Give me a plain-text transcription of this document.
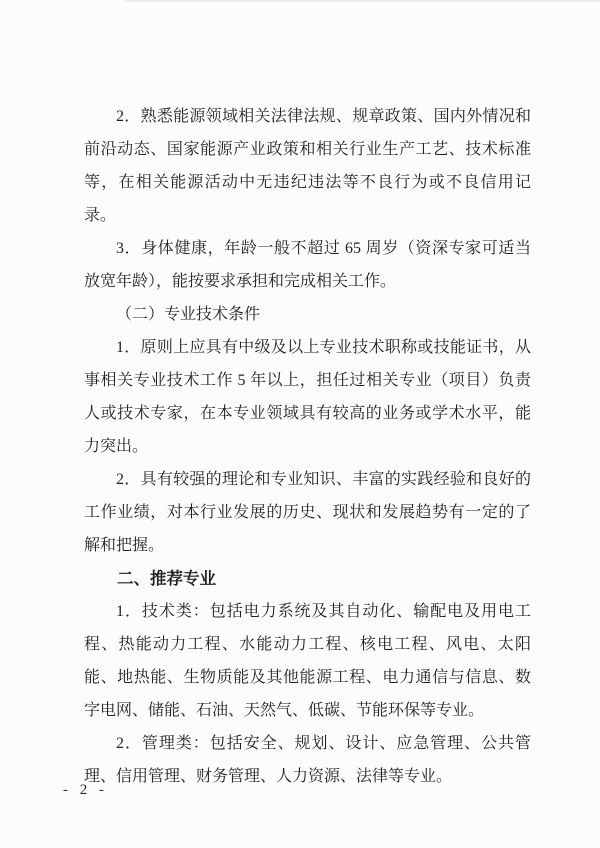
2．熟悉能源领域相关法律法规、规章政策、国内外情况和前沿动态、国家能源产业政策和相关行业生产工艺、技术标准等，在相关能源活动中无违纪违法等不良行为或不良信用记录。

3．身体健康，年龄一般不超过 65 周岁（资深专家可适当放宽年龄），能按要求承担和完成相关工作。

（二）专业技术条件

1．原则上应具有中级及以上专业技术职称或技能证书，从事相关专业技术工作 5 年以上，担任过相关专业（项目）负责人或技术专家，在本专业领域具有较高的业务或学术水平，能力突出。

2．具有较强的理论和专业知识、丰富的实践经验和良好的工作业绩，对本行业发展的历史、现状和发展趋势有一定的了解和把握。

二、推荐专业

1．技术类：包括电力系统及其自动化、输配电及用电工程、热能动力工程、水能动力工程、核电工程、风电、太阳能、地热能、生物质能及其他能源工程、电力通信与信息、数字电网、储能、石油、天然气、低碳、节能环保等专业。

2．管理类：包括安全、规划、设计、应急管理、公共管理、信用管理、财务管理、人力资源、法律等专业。

- 2 -
